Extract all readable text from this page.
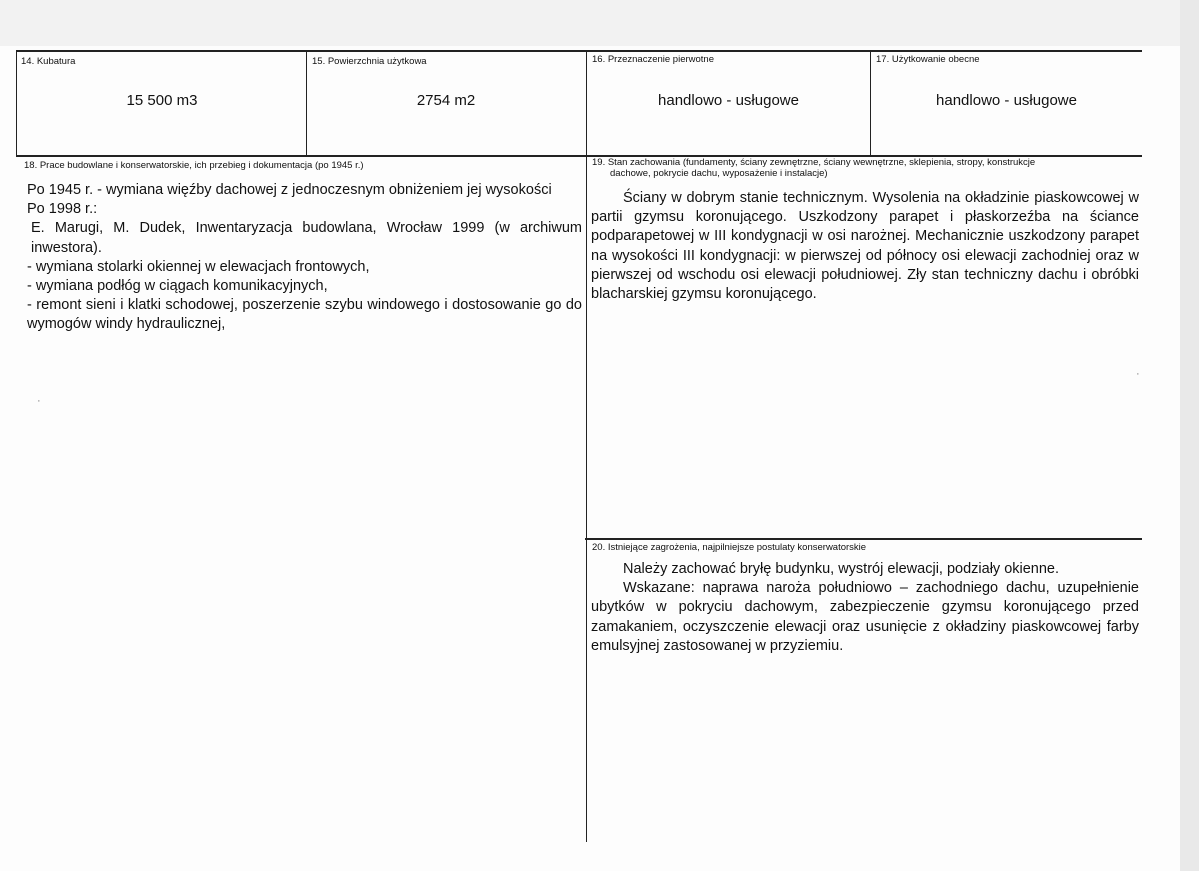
14. Kubatura
15 500 m3
15. Powierzchnia użytkowa
2754 m2
16. Przeznaczenie pierwotne
handlowo - usługowe
17. Użytkowanie obecne
handlowo - usługowe
18. Prace budowlane i konserwatorskie, ich przebieg i dokumentacja (po 1945 r.)

Po 1945 r. - wymiana więźby dachowej z jednoczesnym obniżeniem jej wysokości

Po 1998 r.:

E. Marugi, M. Dudek, Inwentaryzacja budowlana, Wrocław 1999 (w archiwum inwestora).

- wymiana stolarki okiennej w elewacjach frontowych,

- wymiana podłóg w ciągach komunikacyjnych,

- remont sieni i klatki schodowej, poszerzenie szybu windowego i dostosowanie go do wymogów windy hydraulicznej,

·
19. Stan zachowania (fundamenty, ściany zewnętrzne, ściany wewnętrzne, sklepienia, stropy, konstrukcje
dachowe, pokrycie dachu, wyposażenie i instalacje)

Ściany w dobrym stanie technicznym. Wysolenia na okładzinie piaskowcowej w partii gzymsu koronującego. Uszkodzony parapet i płaskorzeźba na ściance podparapetowej w III kondygnacji w osi narożnej. Mechanicznie uszkodzony parapet na wysokości III kondygnacji: w pierwszej od północy osi elewacji zachodniej oraz w pierwszej od wschodu osi elewacji południowej. Zły stan techniczny dachu i obróbki blacharskiej gzymsu koronującego.

·
20. Istniejące zagrożenia, najpilniejsze postulaty konserwatorskie

Należy zachować bryłę budynku, wystrój elewacji, podziały okienne.

Wskazane: naprawa naroża południowo – zachodniego dachu, uzupełnienie ubytków w pokryciu dachowym, zabezpieczenie gzymsu koronującego przed zamakaniem, oczyszczenie elewacji oraz usunięcie z okładziny piaskowcowej farby emulsyjnej zastosowanej w przyziemiu.
